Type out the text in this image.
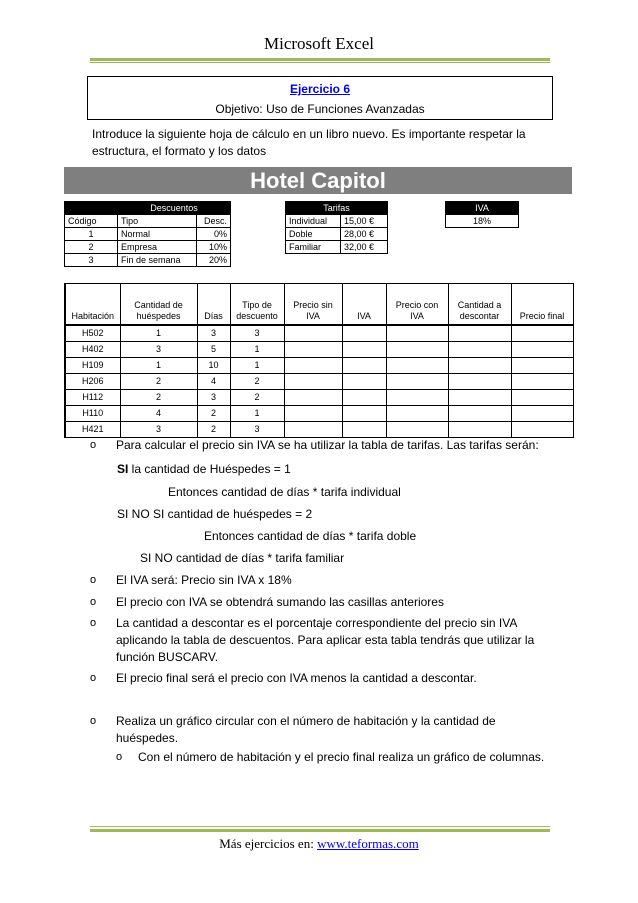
Microsoft Excel
Ejercicio 6
Objetivo: Uso de Funciones Avanzadas
Introduce la siguiente hoja de cálculo en un libro nuevo. Es importante respetar la estructura, el formato y los datos
Hotel Capitol
	Descuentos	
Código	Tipo	Desc.
1	Normal	0%
2	Empresa	10%
3	Fin de semana	20%
Tarifas	
Individual	15,00 €
Doble	28,00 €
Familiar	32,00 €
IVA
18%
Habitación	Cantidad de huéspedes	Días	Tipo de descuento	Precio sin IVA	IVA	Precio con IVA	Cantidad a descontar	Precio final
H502	1	3	3					
H402	3	5	1					
H109	1	10	1					
H206	2	4	2					
H112	2	3	2					
H110	4	2	1					
H421	3	2	3					
o Para calcular el precio sin IVA se ha utilizar la tabla de tarifas. Las tarifas serán:
SI la cantidad de Huéspedes = 1
Entonces cantidad de días * tarifa individual
SI NO SI cantidad de huéspedes = 2
Entonces cantidad de días * tarifa doble
SI NO cantidad de días * tarifa familiar
o El IVA será: Precio sin IVA x 18%
o El precio con IVA se obtendrá sumando las casillas anteriores
o La cantidad a descontar es el porcentaje correspondiente del precio sin IVA aplicando la tabla de descuentos. Para aplicar esta tabla tendrás que utilizar la función BUSCARV.
o El precio final será el precio con IVA menos la cantidad a descontar.
o Realiza un gráfico circular con el número de habitación y la cantidad de huéspedes.
o Con el número de habitación y el precio final realiza un gráfico de columnas.
Más ejercicios en: www.teformas.com
